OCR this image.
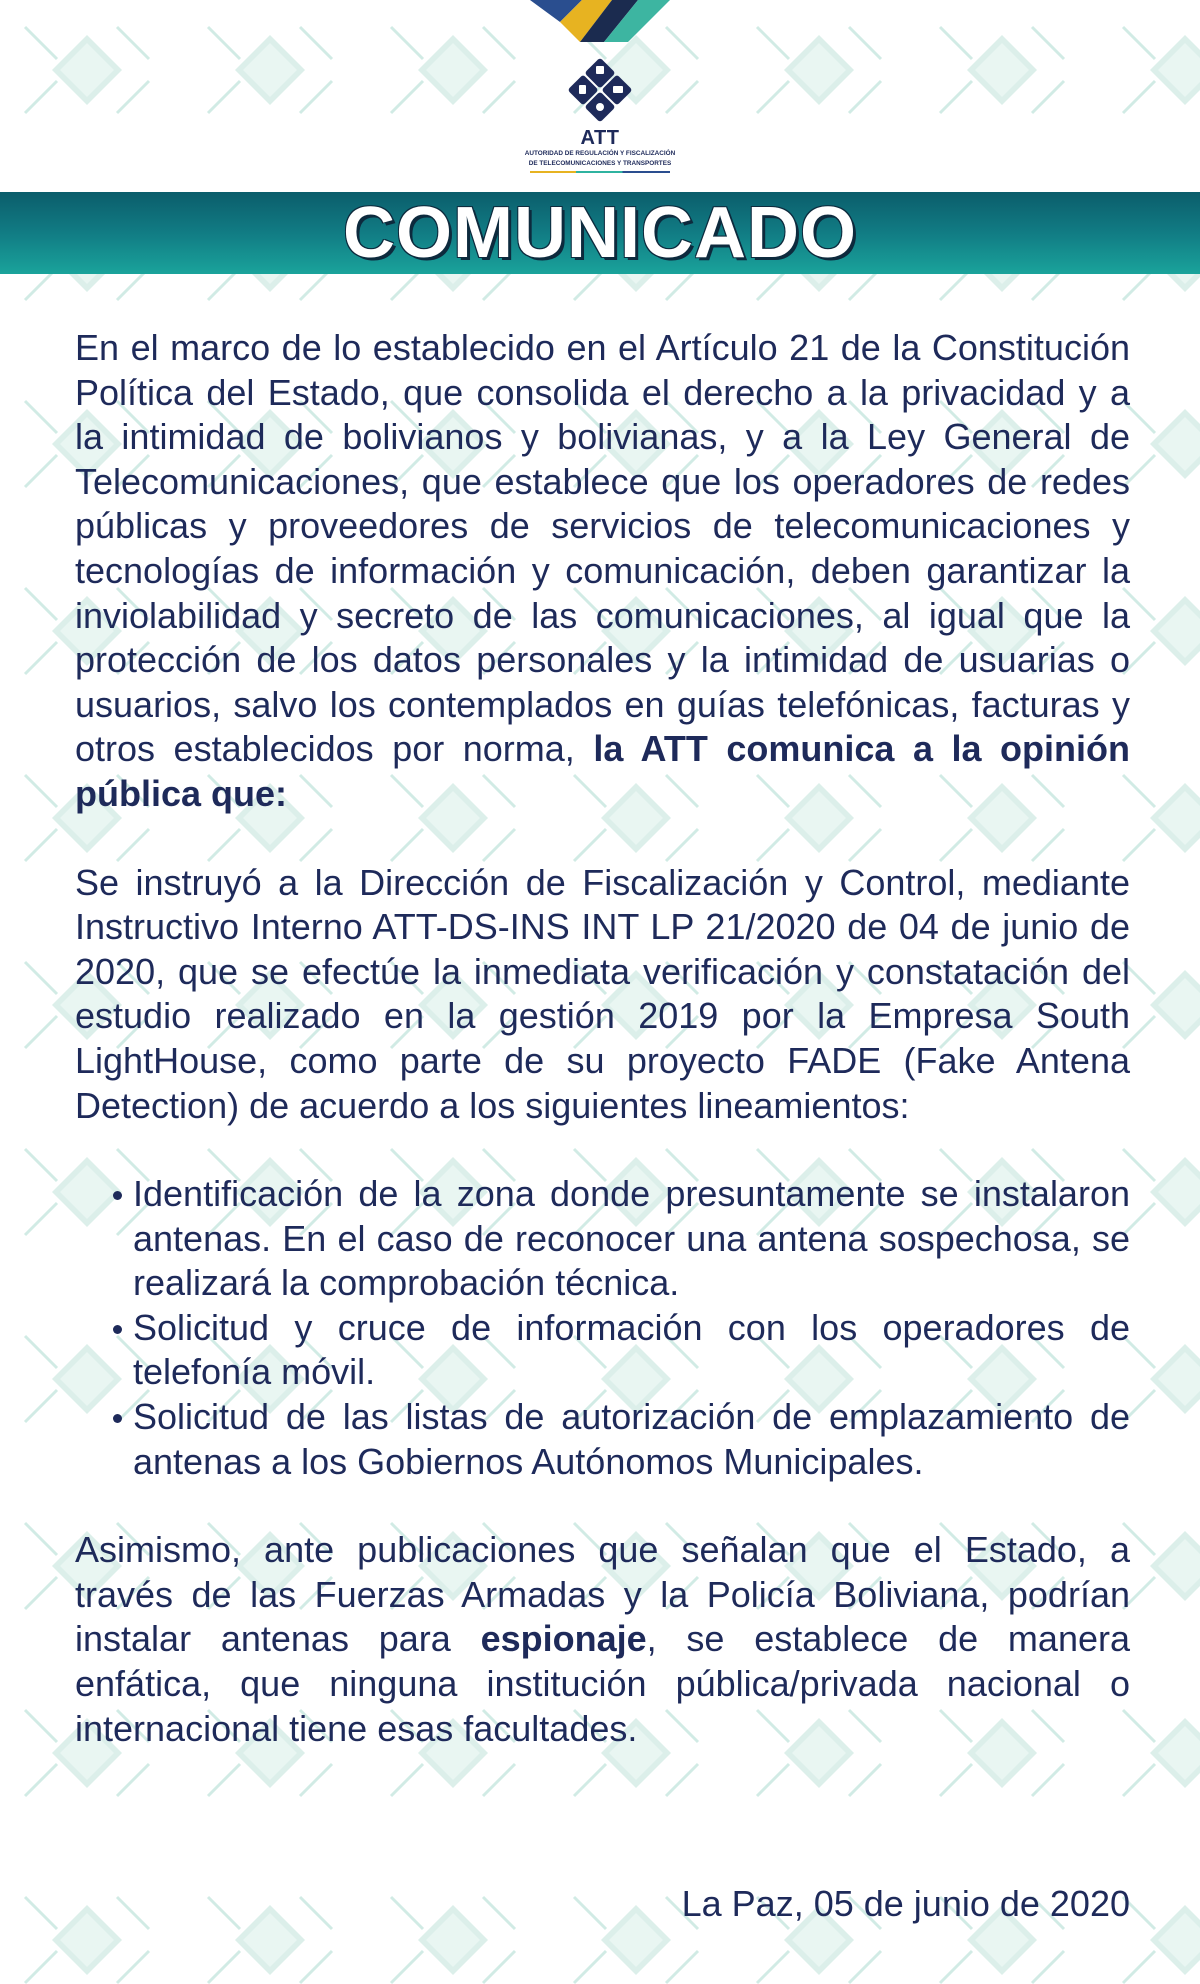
ATT
AUTORIDAD DE REGULACIÓN Y FISCALIZACIÓN
DE TELECOMUNICACIONES Y TRANSPORTES
COMUNICADO

En el marco de lo establecido en el Artículo 21 de la Constitución Política del Estado, que consolida el derecho a la privacidad y a la intimidad de bolivianos y bolivianas, y a la Ley General de Telecomunicaciones, que establece que los operadores de redes públicas y proveedores de servicios de telecomunicaciones y tecnologías de información y comunicación, deben garantizar la inviolabilidad y secreto de las comunicaciones, al igual que la protección de los datos personales y la intimidad de usuarias o usuarios, salvo los contemplados en guías telefónicas, facturas y otros establecidos por norma, la ATT comunica a la opinión pública que:

Se instruyó a la Dirección de Fiscalización y Control, mediante Instructivo Interno ATT-DS-INS INT LP 21/2020 de 04 de junio de 2020, que se efectúe la inmediata verificación y constatación del estudio realizado en la gestión 2019 por la Empresa South LightHouse, como parte de su proyecto FADE (Fake Antena Detection) de acuerdo a los siguientes lineamientos:

Identificación de la zona donde presuntamente se instalaron antenas. En el caso de reconocer una antena sospechosa, se realizará la comprobación técnica.
Solicitud y cruce de información con los operadores de telefonía móvil.
Solicitud de las listas de autorización de emplazamiento de antenas a los Gobiernos Autónomos Municipales.

Asimismo, ante publicaciones que señalan que el Estado, a través de las Fuerzas Armadas y la Policía Boliviana, podrían instalar antenas para espionaje, se establece de manera enfática, que ninguna institución pública/privada nacional o internacional tiene esas facultades.

La Paz, 05 de junio de 2020
